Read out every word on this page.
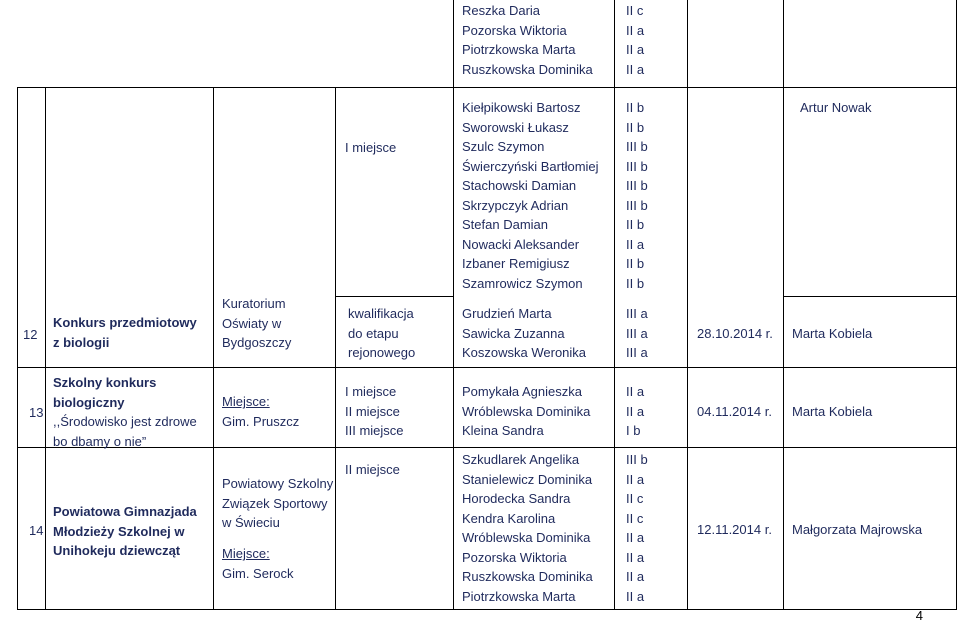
Reszka Daria
Pozorska Wiktoria
Piotrzkowska Marta
Ruszkowska Dominika
II c
II a
II a
II a
12
Konkurs przedmiotowy
z biologii
Kuratorium
Oświaty w
Bydgoszczy
I miejsce
kwalifikacja
do etapu
rejonowego
Kiełpikowski Bartosz
Sworowski Łukasz
Szulc Szymon
Świerczyński Bartłomiej
Stachowski Damian
Skrzypczyk Adrian
Stefan Damian
Nowacki Aleksander
Izbaner Remigiusz
Szamrowicz Szymon
II b
II b
III b
III b
III b
III b
II b
II a
II b
II b
Grudzień Marta
Sawicka Zuzanna
Koszowska Weronika
III a
III a
III a
28.10.2014 r.
Artur Nowak
Marta Kobiela
13
Szkolny konkurs
biologiczny
,,Środowisko jest zdrowe
bo dbamy o nie”
Miejsce:
Gim. Pruszcz
I miejsce
II miejsce
III miejsce
Pomykała Agnieszka
Wróblewska Dominika
Kleina Sandra
II a
II a
I b
04.11.2014 r. Marta Kobiela
14
Powiatowa Gimnazjada
Młodzieży Szkolnej w
Unihokeju dziewcząt
Powiatowy Szkolny
Związek Sportowy
w Świeciu
Miejsce:
Gim. Serock
II miejsce
Szkudlarek Angelika
Stanielewicz Dominika
Horodecka Sandra
Kendra Karolina
Wróblewska Dominika
Pozorska Wiktoria
Ruszkowska Dominika
Piotrzkowska Marta
III b
II a
II c
II c
II a
II a
II a
II a
12.11.2014 r. Małgorzata Majrowska
4
